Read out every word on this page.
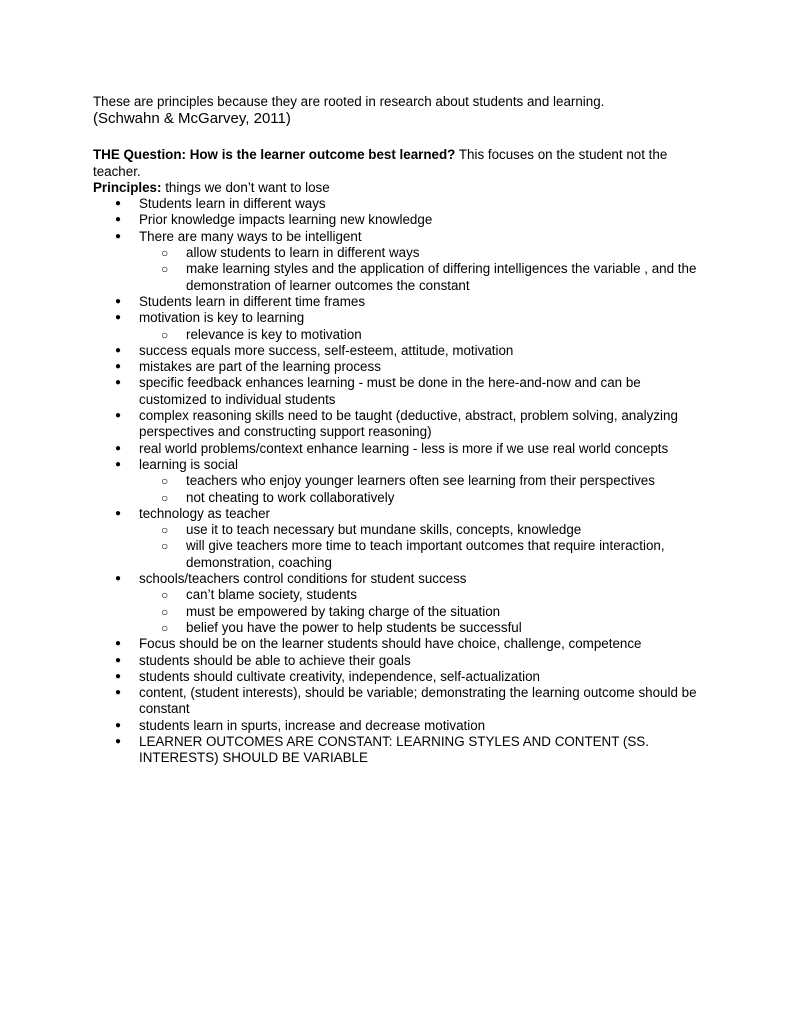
These are principles because they are rooted in research about students and learning.

(Schwahn & McGarvey, 2011)

THE Question: How is the learner outcome best learned? This focuses on the student not the teacher.

Principles: things we don’t want to lose

● Students learn in different ways
● Prior knowledge impacts learning new knowledge
● There are many ways to be intelligent
○ allow students to learn in different ways
○ make learning styles and the application of differing intelligences the variable , and the demonstration of learner outcomes the constant
● Students learn in different time frames
● motivation is key to learning
○ relevance is key to motivation
● success equals more success, self-esteem, attitude, motivation
● mistakes are part of the learning process
● specific feedback enhances learning - must be done in the here-and-now and can be customized to individual students
● complex reasoning skills need to be taught (deductive, abstract, problem solving, analyzing perspectives and constructing support reasoning)
● real world problems/context enhance learning - less is more if we use real world concepts
● learning is social
○ teachers who enjoy younger learners often see learning from their perspectives
○ not cheating to work collaboratively
● technology as teacher
○ use it to teach necessary but mundane skills, concepts, knowledge
○ will give teachers more time to teach important outcomes that require interaction, demonstration, coaching
● schools/teachers control conditions for student success
○ can’t blame society, students
○ must be empowered by taking charge of the situation
○ belief you have the power to help students be successful
● Focus should be on the learner students should have choice, challenge, competence
● students should be able to achieve their goals
● students should cultivate creativity, independence, self-actualization
● content, (student interests), should be variable; demonstrating the learning outcome should be constant
● students learn in spurts, increase and decrease motivation
● LEARNER OUTCOMES ARE CONSTANT: LEARNING STYLES AND CONTENT (SS. INTERESTS) SHOULD BE VARIABLE
